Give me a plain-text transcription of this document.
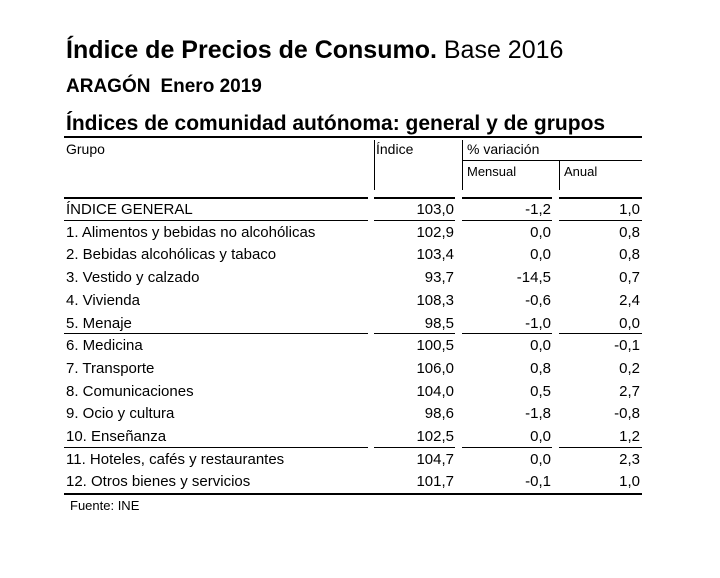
Índice de Precios de Consumo. Base 2016
ARAGÓN Enero 2019
Índices de comunidad autónoma: general y de grupos
Grupo	Índice	% variación
Mensual	Anual
ÍNDICE GENERAL	103,0	-1,2	1,0
1. Alimentos y bebidas no alcohólicas	102,9	0,0	0,8
2. Bebidas alcohólicas y tabaco	103,4	0,0	0,8
3. Vestido y calzado	93,7	-14,5	0,7
4. Vivienda	108,3	-0,6	2,4
5. Menaje	98,5	-1,0	0,0
6. Medicina	100,5	0,0	-0,1
7. Transporte	106,0	0,8	0,2
8. Comunicaciones	104,0	0,5	2,7
9. Ocio y cultura	98,6	-1,8	-0,8
10. Enseñanza	102,5	0,0	1,2
11. Hoteles, cafés y restaurantes	104,7	0,0	2,3
12. Otros bienes y servicios	101,7	-0,1	1,0
Fuente: INE
